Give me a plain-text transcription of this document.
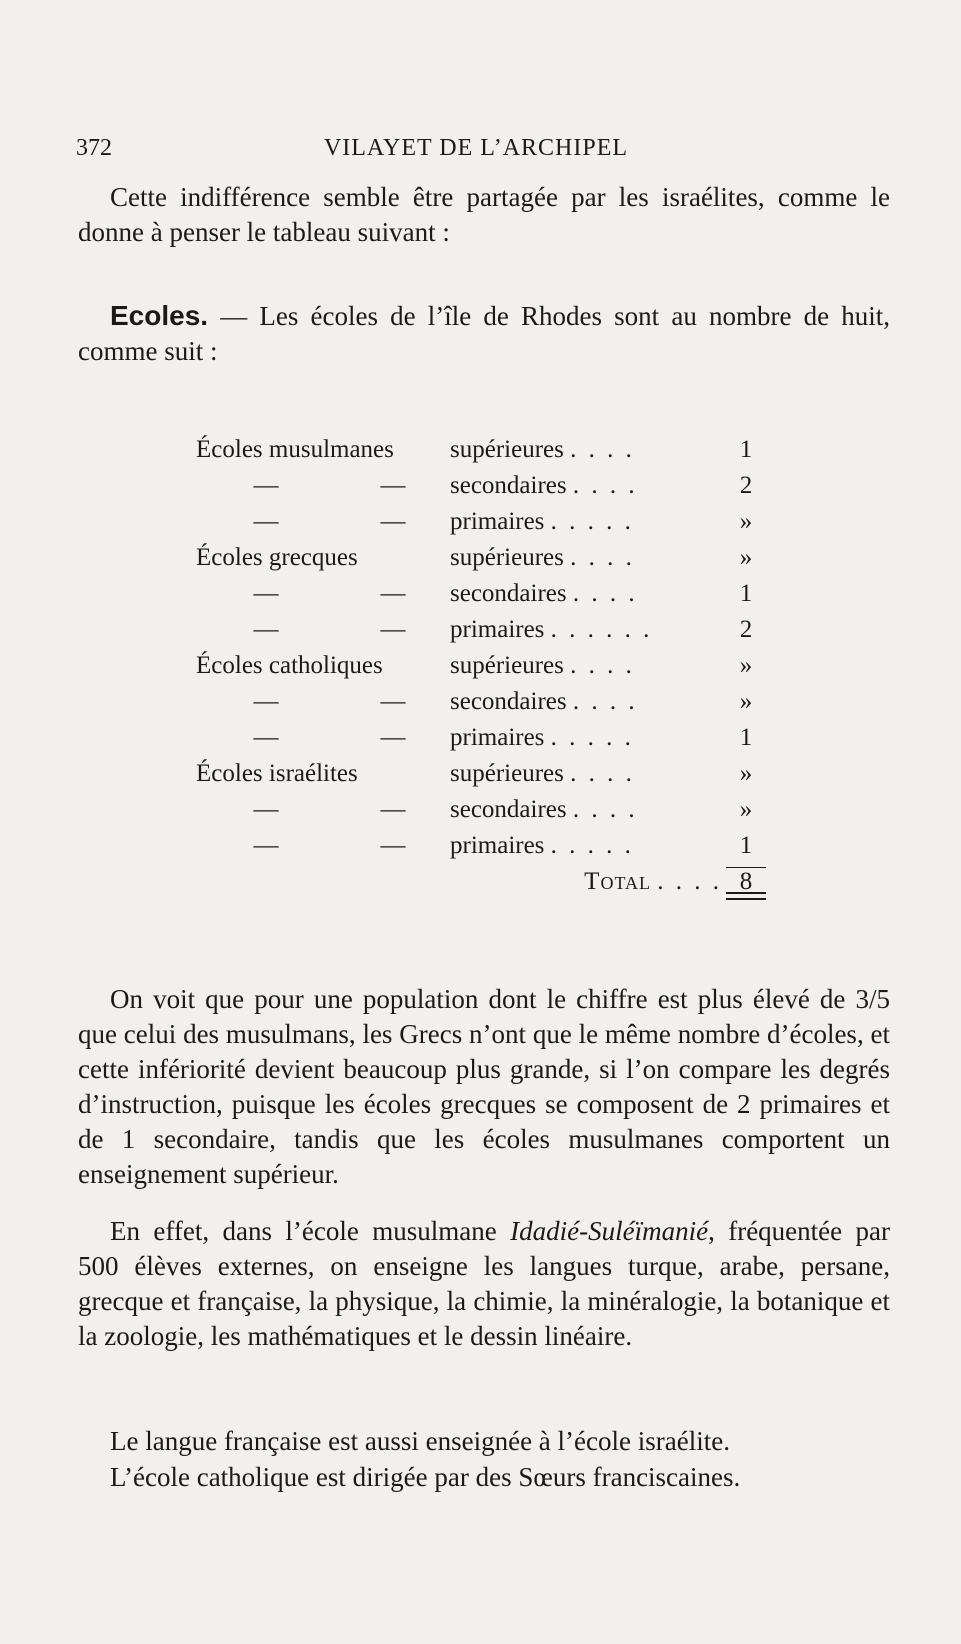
372	VILAYET DE L’ARCHIPEL

Cette indifférence semble être partagée par les israélites, comme le donne à penser le tableau suivant :

Ecoles. — Les écoles de l’île de Rhodes sont au nombre de huit, comme suit :

Écoles musulmanes		supérieures . . . .	1
—	—	secondaires . . . .	2
—	—	primaires . . . . .	»
Écoles grecques		supérieures . . . .	»
—	—	secondaires . . . .	1
—	—	primaires . . . . . .	2
Écoles catholiques		supérieures . . . .	»
—	—	secondaires . . . .	»
—	—	primaires . . . . .	1
Écoles israélites		supérieures . . . .	»
—	—	secondaires . . . .	»
—	—	primaires . . . . .	1
		Total . . . .	8

On voit que pour une population dont le chiffre est plus élevé de 3/5 que celui des musulmans, les Grecs n’ont que le même nombre d’écoles, et cette infériorité devient beaucoup plus grande, si l’on compare les degrés d’instruction, puisque les écoles grecques se composent de 2 primaires et de 1 secondaire, tandis que les écoles musulmanes comportent un enseignement supérieur.

En effet, dans l’école musulmane Idadié-Suléïmanié, fréquentée par 500 élèves externes, on enseigne les langues turque, arabe, persane, grecque et française, la physique, la chimie, la minéralogie, la botanique et la zoologie, les mathématiques et le dessin linéaire.

Le langue française est aussi enseignée à l’école israélite.

L’école catholique est dirigée par des Sœurs franciscaines.
